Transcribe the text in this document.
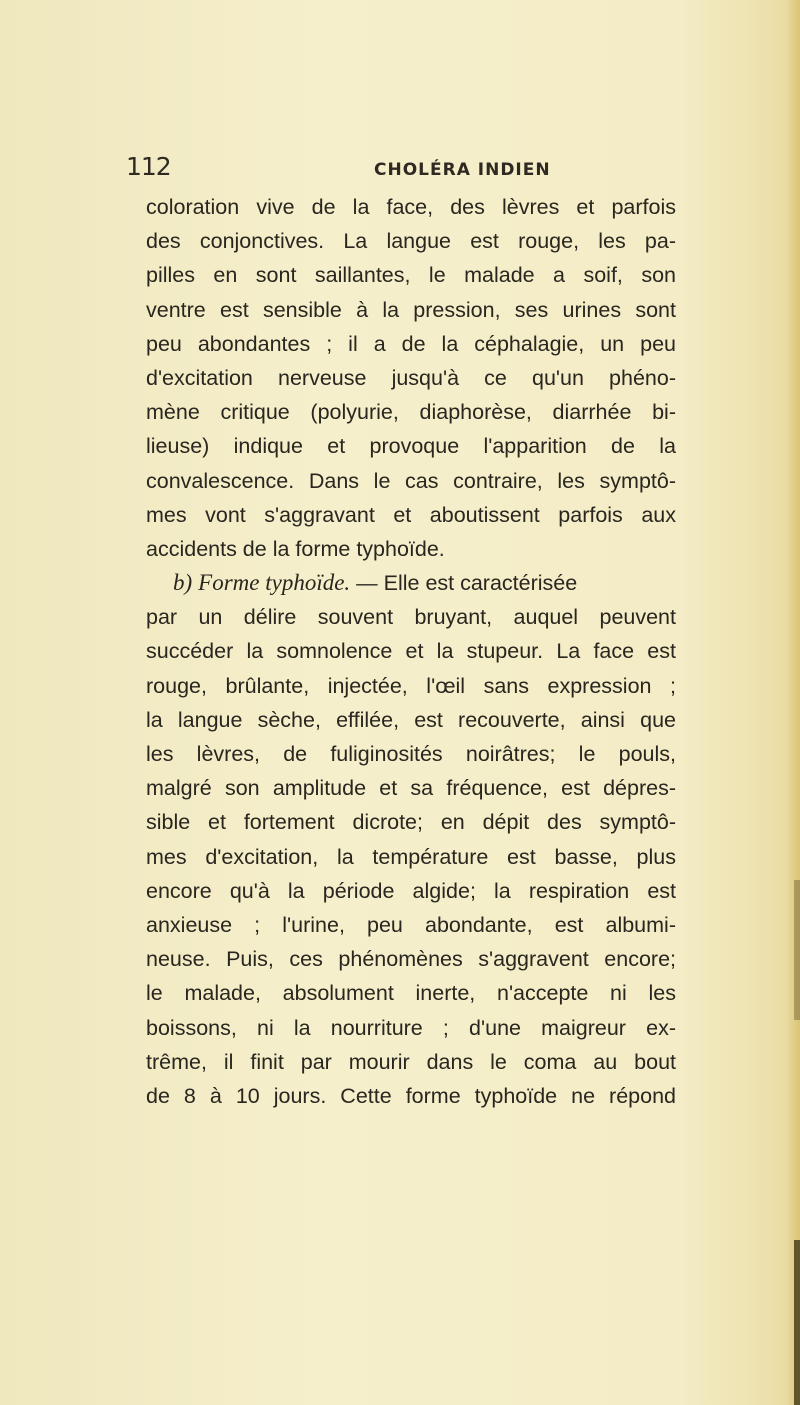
112	CHOLÉRA INDIEN
coloration vive de la face, des lèvres et parfois
des conjonctives. La langue est rouge, les pa-
pilles en sont saillantes, le malade a soif, son
ventre est sensible à la pression, ses urines sont
peu abondantes ; il a de la céphalagie, un peu
d'excitation nerveuse jusqu'à ce qu'un phéno-
mène critique (polyurie, diaphorèse, diarrhée bi-
lieuse) indique et provoque l'apparition de la
convalescence. Dans le cas contraire, les symptô-
mes vont s'aggravant et aboutissent parfois aux
accidents de la forme typhoïde.
b) Forme typhoïde. — Elle est caractérisée
par un délire souvent bruyant, auquel peuvent
succéder la somnolence et la stupeur. La face est
rouge, brûlante, injectée, l'œil sans expression ;
la langue sèche, effilée, est recouverte, ainsi que
les lèvres, de fuliginosités noirâtres; le pouls,
malgré son amplitude et sa fréquence, est dépres-
sible et fortement dicrote; en dépit des symptô-
mes d'excitation, la température est basse, plus
encore qu'à la période algide; la respiration est
anxieuse ; l'urine, peu abondante, est albumi-
neuse. Puis, ces phénomènes s'aggravent encore;
le malade, absolument inerte, n'accepte ni les
boissons, ni la nourriture ; d'une maigreur ex-
trême, il finit par mourir dans le coma au bout
de 8 à 10 jours. Cette forme typhoïde ne répond
